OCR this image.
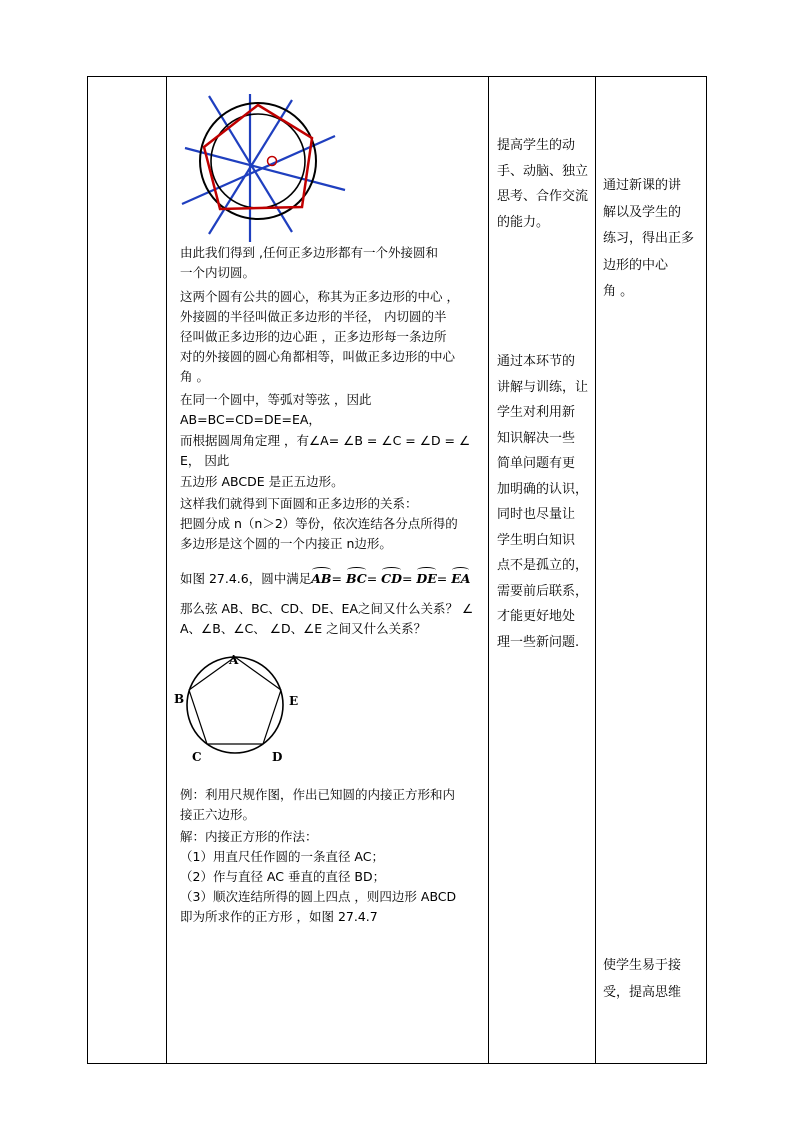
由此我们得到 ,任何正多边形都有一个外接圆和
一个内切圆。

这两个圆有公共的圆心，称其为正多边形的中心 ，
外接圆的半径叫做正多边形的半径， 内切圆的半
径叫做正多边形的边心距 ，正多边形每一条边所
对的外接圆的圆心角都相等，叫做正多边形的中心
角 。

在同一个圆中，等弧对等弦 ，因此
AB=BC=CD=DE=EA，

而根据圆周角定理 ，有∠A= ∠B = ∠C = ∠D = ∠
E， 因此

五边形 ABCDE 是正五边形。

这样我们就得到下面圆和正多边形的关系：
把圆分成 n（n＞2）等份，依次连结各分点所得的
多边形是这个圆的一个内接正 n边形。

如图 27.4.6，圆中满足AB= BC= CD= DE= EA

那么弦 AB、BC、CD、DE、EA之间又什么关系？ ∠
A、∠B、∠C、 ∠D、∠E 之间又什么关系？

例：利用尺规作图，作出已知圆的内接正方形和内
接正六边形。

解：内接正方形的作法：
（1）用直尺任作圆的一条直径 AC；
（2）作与直径 AC 垂直的直径 BD；
（3）顺次连结所得的圆上四点 ，则四边形 ABCD
即为所求作的正方形 ，如图 27.4.7

提高学生的动
手、动脑、独立
思考、合作交流
的能力。

通过本环节的
讲解与训练，让
学生对利用新
知识解决一些
简单问题有更
加明确的认识，
同时也尽量让
学生明白知识
点不是孤立的，
需要前后联系，
才能更好地处
理一些新问题.

通过新课的讲
解以及学生的
练习，得出正多
边形的中心
角 。

使学生易于接
受，提高思维

A
B
C	D
E
